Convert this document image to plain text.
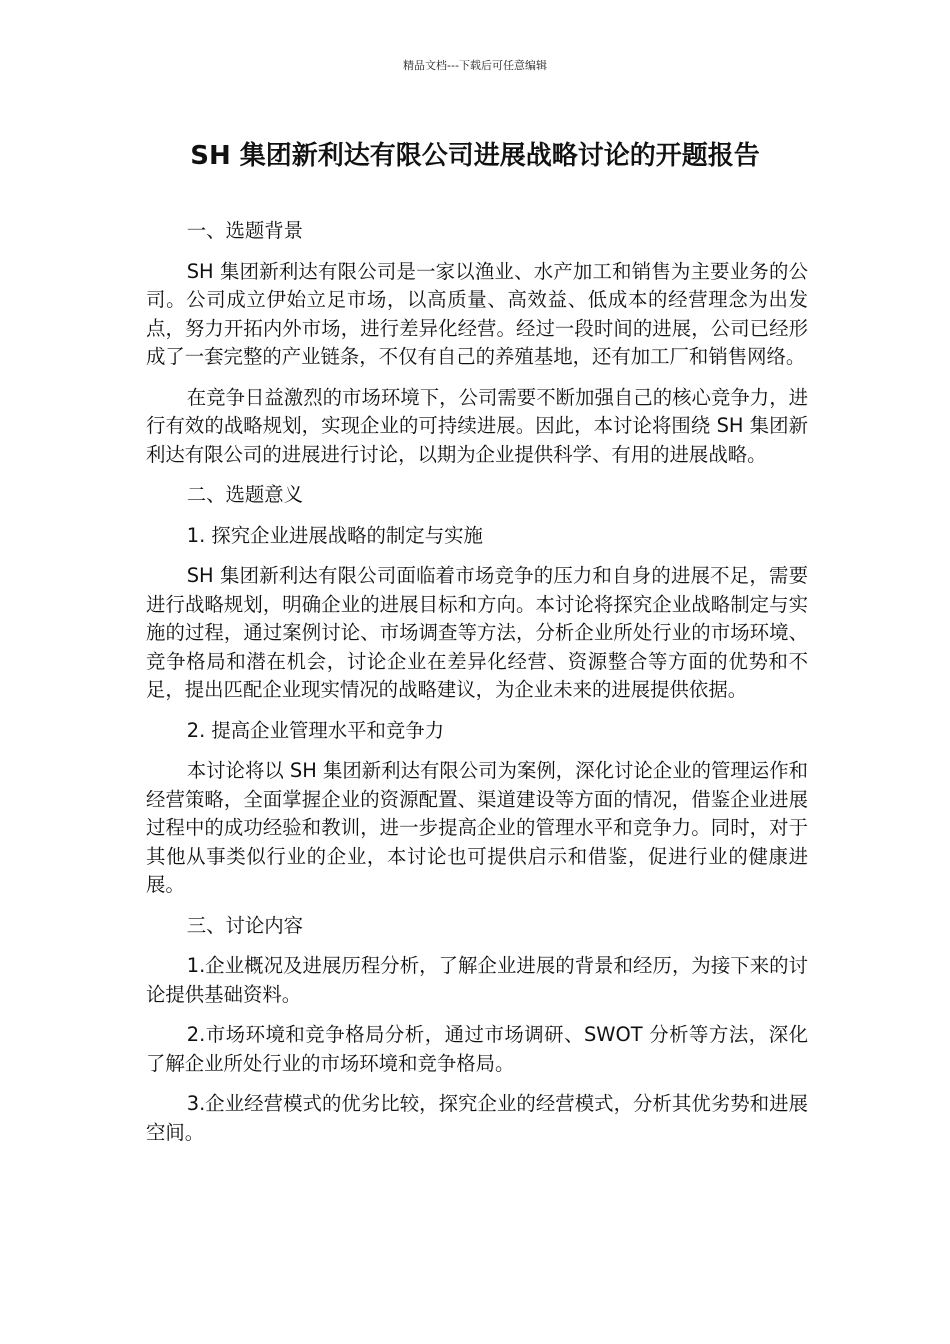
精品文档---下载后可任意编辑
SH 集团新利达有限公司进展战略讨论的开题报告

一、选题背景

SH 集团新利达有限公司是一家以渔业、水产加工和销售为主要业务的公司。公司成立伊始立足市场，以高质量、高效益、低成本的经营理念为出发点，努力开拓内外市场，进行差异化经营。经过一段时间的进展，公司已经形成了一套完整的产业链条，不仅有自己的养殖基地，还有加工厂和销售网络。

在竞争日益激烈的市场环境下，公司需要不断加强自己的核心竞争力，进行有效的战略规划，实现企业的可持续进展。因此，本讨论将围绕 SH 集团新利达有限公司的进展进行讨论，以期为企业提供科学、有用的进展战略。

二、选题意义

1. 探究企业进展战略的制定与实施

SH 集团新利达有限公司面临着市场竞争的压力和自身的进展不足，需要进行战略规划，明确企业的进展目标和方向。本讨论将探究企业战略制定与实施的过程，通过案例讨论、市场调查等方法，分析企业所处行业的市场环境、竞争格局和潜在机会，讨论企业在差异化经营、资源整合等方面的优势和不足，提出匹配企业现实情况的战略建议，为企业未来的进展提供依据。

2. 提高企业管理水平和竞争力

本讨论将以 SH 集团新利达有限公司为案例，深化讨论企业的管理运作和经营策略，全面掌握企业的资源配置、渠道建设等方面的情况，借鉴企业进展过程中的成功经验和教训，进一步提高企业的管理水平和竞争力。同时，对于其他从事类似行业的企业，本讨论也可提供启示和借鉴，促进行业的健康进展。

三、讨论内容

1.企业概况及进展历程分析，了解企业进展的背景和经历，为接下来的讨论提供基础资料。

2.市场环境和竞争格局分析，通过市场调研、SWOT 分析等方法，深化了解企业所处行业的市场环境和竞争格局。

3.企业经营模式的优劣比较，探究企业的经营模式，分析其优劣势和进展空间。
